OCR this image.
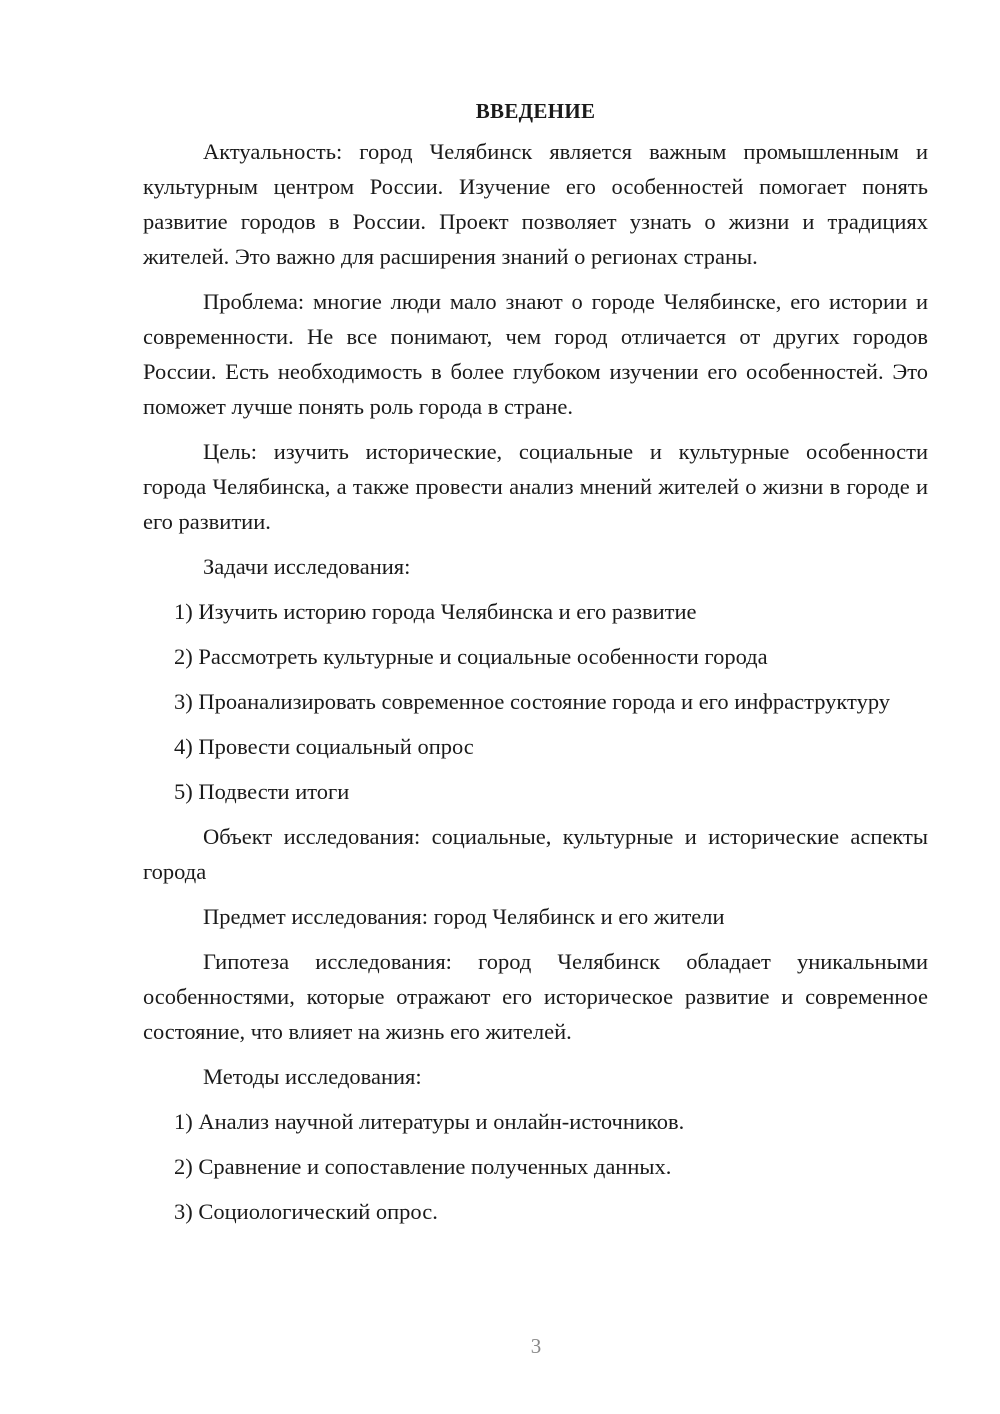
ВВЕДЕНИЕ

Актуальность: город Челябинск является важным промышленным и культурным центром России. Изучение его особенностей помогает понять развитие городов в России. Проект позволяет узнать о жизни и традициях жителей. Это важно для расширения знаний о регионах страны.

Проблема: многие люди мало знают о городе Челябинске, его истории и современности. Не все понимают, чем город отличается от других городов России. Есть необходимость в более глубоком изучении его особенностей. Это поможет лучше понять роль города в стране.

Цель: изучить исторические, социальные и культурные особенности города Челябинска, а также провести анализ мнений жителей о жизни в городе и его развитии.

Задачи исследования:

1) Изучить историю города Челябинска и его развитие

2) Рассмотреть культурные и социальные особенности города

3) Проанализировать современное состояние города и его инфраструктуру

4) Провести социальный опрос

5) Подвести итоги

Объект исследования: социальные, культурные и исторические аспекты города

Предмет исследования: город Челябинск и его жители

Гипотеза исследования: город Челябинск обладает уникальными особенностями, которые отражают его историческое развитие и современное состояние, что влияет на жизнь его жителей.

Методы исследования:

1) Анализ научной литературы и онлайн-источников.

2) Сравнение и сопоставление полученных данных.

3) Социологический опрос.

3
